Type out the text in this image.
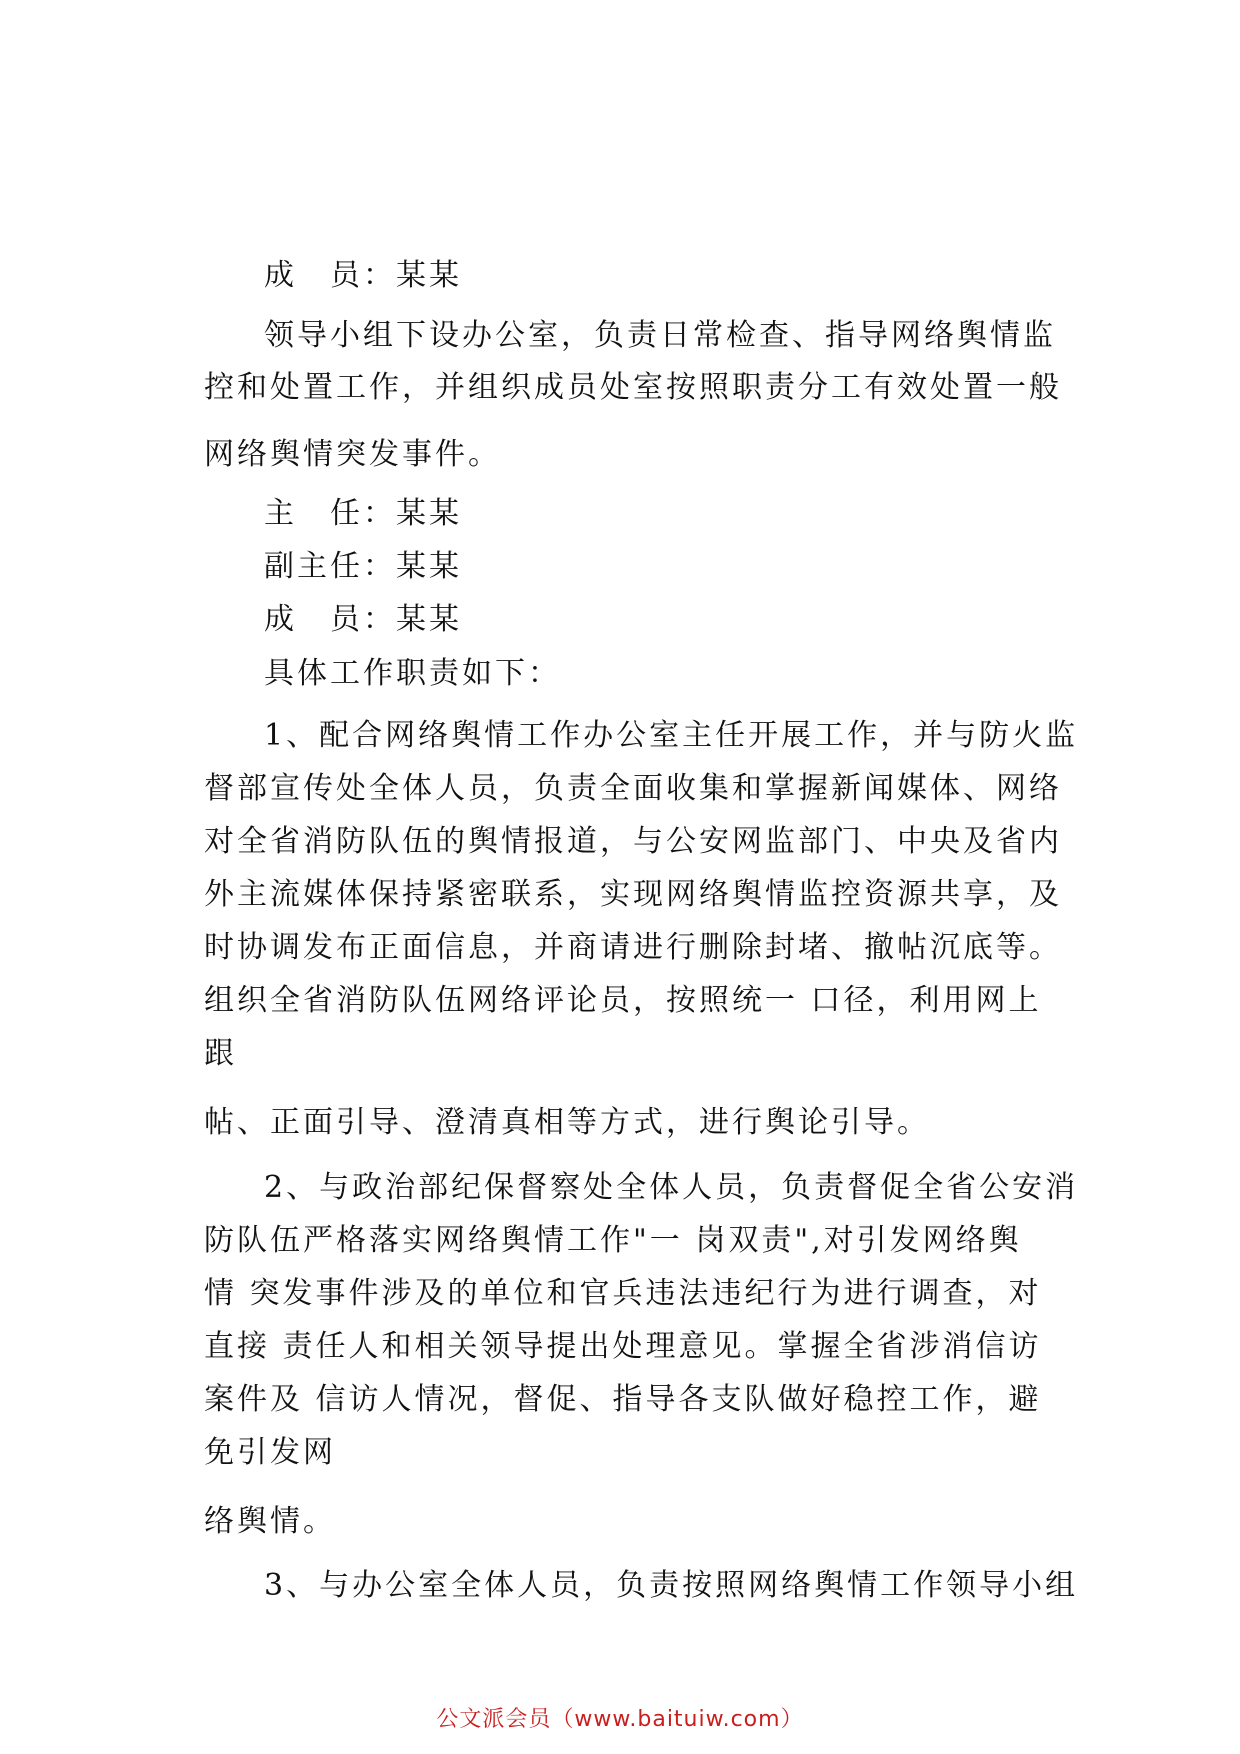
成　员：某某

领导小组下设办公室，负责日常检查、指导网络舆情监

控和处置工作，并组织成员处室按照职责分工有效处置一般

网络舆情突发事件。

主　任：某某

副主任：某某

成　员：某某

具体工作职责如下：

1、配合网络舆情工作办公室主任开展工作，并与防火监

督部宣传处全体人员，负责全面收集和掌握新闻媒体、网络

对全省消防队伍的舆情报道，与公安网监部门、中央及省内

外主流媒体保持紧密联系，实现网络舆情监控资源共享，及

时协调发布正面信息，并商请进行删除封堵、撤帖沉底等。

组织全省消防队伍网络评论员，按照统一 口径，利用网上

跟

帖、正面引导、澄清真相等方式，进行舆论引导。

2、与政治部纪保督察处全体人员，负责督促全省公安消

防队伍严格落实网络舆情工作"一 岗双责",对引发网络舆

情 突发事件涉及的单位和官兵违法违纪行为进行调查，对

直接 责任人和相关领导提出处理意见。掌握全省涉消信访

案件及 信访人情况，督促、指导各支队做好稳控工作，避

免引发网

络舆情。

3、与办公室全体人员，负责按照网络舆情工作领导小组

公文派会员（www.baituiw.com）
